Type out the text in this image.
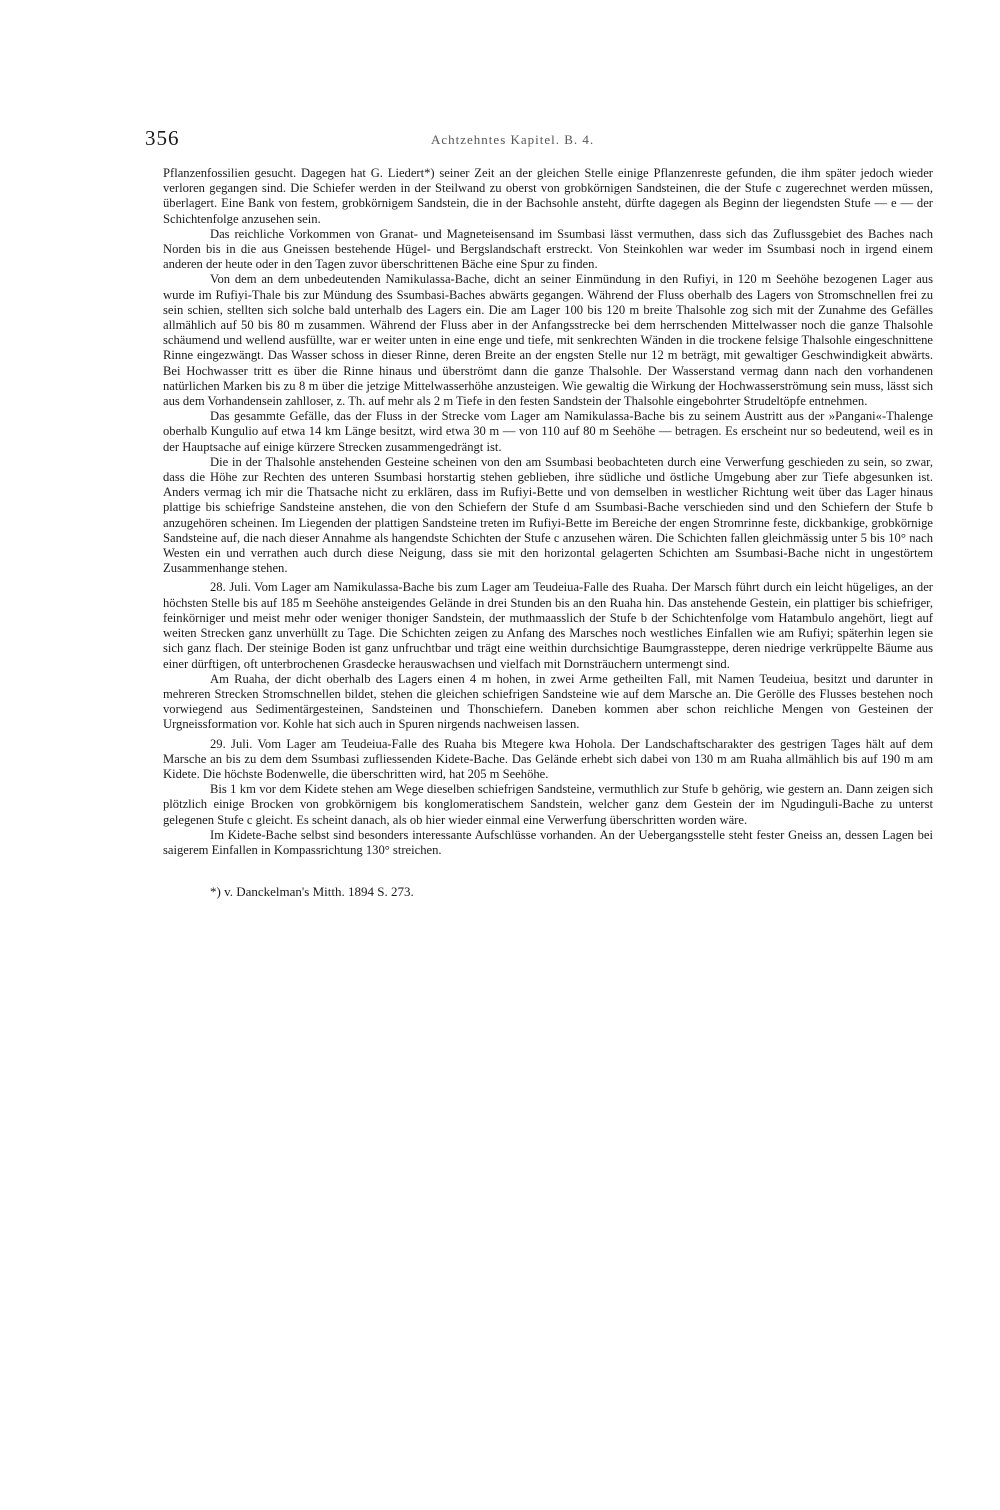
356	Achtzehntes Kapitel. B. 4.

Pflanzenfossilien gesucht. Dagegen hat G. Liedert*) seiner Zeit an der gleichen Stelle einige Pflanzenreste gefunden, die ihm später jedoch wieder verloren gegangen sind. Die Schiefer werden in der Steilwand zu oberst von grobkörnigen Sandsteinen, die der Stufe c zugerechnet werden müssen, überlagert. Eine Bank von festem, grobkörnigem Sandstein, die in der Bachsohle ansteht, dürfte dagegen als Beginn der liegendsten Stufe — e — der Schichtenfolge anzusehen sein.

Das reichliche Vorkommen von Granat- und Magneteisensand im Ssumbasi lässt vermuthen, dass sich das Zuflussgebiet des Baches nach Norden bis in die aus Gneissen bestehende Hügel- und Bergslandschaft erstreckt. Von Steinkohlen war weder im Ssumbasi noch in irgend einem anderen der heute oder in den Tagen zuvor überschrittenen Bäche eine Spur zu finden.

Von dem an dem unbedeutenden Namikulassa-Bache, dicht an seiner Einmündung in den Rufiyi, in 120 m Seehöhe bezogenen Lager aus wurde im Rufiyi-Thale bis zur Mündung des Ssumbasi-Baches abwärts gegangen. Während der Fluss oberhalb des Lagers von Stromschnellen frei zu sein schien, stellten sich solche bald unterhalb des Lagers ein. Die am Lager 100 bis 120 m breite Thalsohle zog sich mit der Zunahme des Gefälles allmählich auf 50 bis 80 m zusammen. Während der Fluss aber in der Anfangsstrecke bei dem herrschenden Mittelwasser noch die ganze Thalsohle schäumend und wellend ausfüllte, war er weiter unten in eine enge und tiefe, mit senkrechten Wänden in die trockene felsige Thalsohle eingeschnittene Rinne eingezwängt. Das Wasser schoss in dieser Rinne, deren Breite an der engsten Stelle nur 12 m beträgt, mit gewaltiger Geschwindigkeit abwärts. Bei Hochwasser tritt es über die Rinne hinaus und überströmt dann die ganze Thalsohle. Der Wasserstand vermag dann nach den vorhandenen natürlichen Marken bis zu 8 m über die jetzige Mittelwasserhöhe anzusteigen. Wie gewaltig die Wirkung der Hochwasserströmung sein muss, lässt sich aus dem Vorhandensein zahlloser, z. Th. auf mehr als 2 m Tiefe in den festen Sandstein der Thalsohle eingebohrter Strudeltöpfe entnehmen.

Das gesammte Gefälle, das der Fluss in der Strecke vom Lager am Namikulassa-Bache bis zu seinem Austritt aus der »Pangani«-Thalenge oberhalb Kungulio auf etwa 14 km Länge besitzt, wird etwa 30 m — von 110 auf 80 m Seehöhe — betragen. Es erscheint nur so bedeutend, weil es in der Hauptsache auf einige kürzere Strecken zusammengedrängt ist.

Die in der Thalsohle anstehenden Gesteine scheinen von den am Ssumbasi beobachteten durch eine Verwerfung geschieden zu sein, so zwar, dass die Höhe zur Rechten des unteren Ssumbasi horstartig stehen geblieben, ihre südliche und östliche Umgebung aber zur Tiefe abgesunken ist. Anders vermag ich mir die Thatsache nicht zu erklären, dass im Rufiyi-Bette und von demselben in westlicher Richtung weit über das Lager hinaus plattige bis schiefrige Sandsteine anstehen, die von den Schiefern der Stufe d am Ssumbasi-Bache verschieden sind und den Schiefern der Stufe b anzugehören scheinen. Im Liegenden der plattigen Sandsteine treten im Rufiyi-Bette im Bereiche der engen Stromrinne feste, dickbankige, grobkörnige Sandsteine auf, die nach dieser Annahme als hangendste Schichten der Stufe c anzusehen wären. Die Schichten fallen gleichmässig unter 5 bis 10° nach Westen ein und verrathen auch durch diese Neigung, dass sie mit den horizontal gelagerten Schichten am Ssumbasi-Bache nicht in ungestörtem Zusammenhange stehen.

28. Juli. Vom Lager am Namikulassa-Bache bis zum Lager am Teudeiua-Falle des Ruaha. Der Marsch führt durch ein leicht hügeliges, an der höchsten Stelle bis auf 185 m Seehöhe ansteigendes Gelände in drei Stunden bis an den Ruaha hin. Das anstehende Gestein, ein plattiger bis schiefriger, feinkörniger und meist mehr oder weniger thoniger Sandstein, der muthmaasslich der Stufe b der Schichtenfolge vom Hatambulo angehört, liegt auf weiten Strecken ganz unverhüllt zu Tage. Die Schichten zeigen zu Anfang des Marsches noch westliches Einfallen wie am Rufiyi; späterhin legen sie sich ganz flach. Der steinige Boden ist ganz unfruchtbar und trägt eine weithin durchsichtige Baumgrassteppe, deren niedrige verkrüppelte Bäume aus einer dürftigen, oft unterbrochenen Grasdecke herauswachsen und vielfach mit Dornsträuchern untermengt sind.

Am Ruaha, der dicht oberhalb des Lagers einen 4 m hohen, in zwei Arme getheilten Fall, mit Namen Teudeiua, besitzt und darunter in mehreren Strecken Stromschnellen bildet, stehen die gleichen schiefrigen Sandsteine wie auf dem Marsche an. Die Gerölle des Flusses bestehen noch vorwiegend aus Sedimentärgesteinen, Sandsteinen und Thonschiefern. Daneben kommen aber schon reichliche Mengen von Gesteinen der Urgneissformation vor. Kohle hat sich auch in Spuren nirgends nachweisen lassen.

29. Juli. Vom Lager am Teudeiua-Falle des Ruaha bis Mtegere kwa Hohola. Der Landschaftscharakter des gestrigen Tages hält auf dem Marsche an bis zu dem dem Ssumbasi zufliessenden Kidete-Bache. Das Gelände erhebt sich dabei von 130 m am Ruaha allmählich bis auf 190 m am Kidete. Die höchste Bodenwelle, die überschritten wird, hat 205 m Seehöhe.

Bis 1 km vor dem Kidete stehen am Wege dieselben schiefrigen Sandsteine, vermuthlich zur Stufe b gehörig, wie gestern an. Dann zeigen sich plötzlich einige Brocken von grobkörnigem bis konglomeratischem Sandstein, welcher ganz dem Gestein der im Ngudinguli-Bache zu unterst gelegenen Stufe c gleicht. Es scheint danach, als ob hier wieder einmal eine Verwerfung überschritten worden wäre.

Im Kidete-Bache selbst sind besonders interessante Aufschlüsse vorhanden. An der Uebergangsstelle steht fester Gneiss an, dessen Lagen bei saigerem Einfallen in Kompassrichtung 130° streichen.

*) v. Danckelman's Mitth. 1894 S. 273.
